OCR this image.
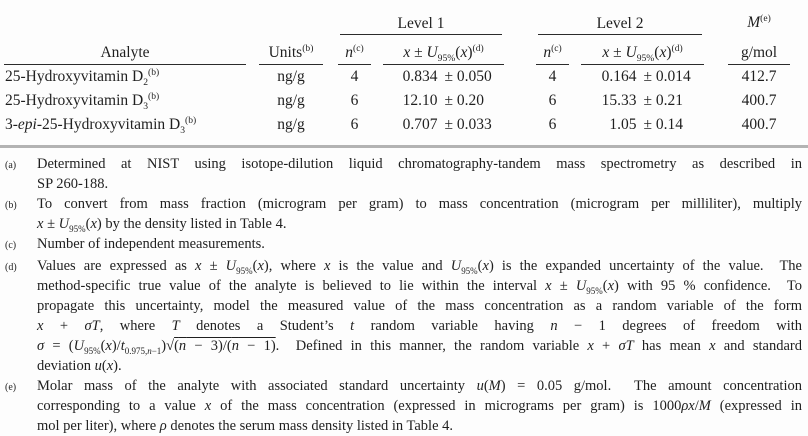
		Level 1			Level 2		$M^{(e)}$

Analyte	Units$^{(b)}$	$n^{(c)}$	$x \pm U_{95\%}(x)^{(d)}$		$n^{(c)}$	$x \pm U_{95\%}(x)^{(d)}$	g/mol

25-Hydroxyvitamin $D_2^{(b)}$	ng/g	4	0.834 ± 0.050		4	0.164 ± 0.014	412.7
25-Hydroxyvitamin $D_3^{(b)}$	ng/g	6	12.10 ± 0.20		6	15.33 ± 0.21	400.7
3-epi-25-Hydroxyvitamin $D_3^{(b)}$	ng/g	6	0.707 ± 0.033		6	1.05 ± 0.14	400.7
(a)	Determined at NIST using isotope-dilution liquid chromatography-tandem mass spectrometry as described in
SP 260-188.
(b)	To convert from mass fraction (microgram per gram) to mass concentration (microgram per milliliter), multiply
$x \pm U_{95\%}(x)$ by the density listed in Table 4.
(c)	Number of independent measurements.
(d)	Values are expressed as $x \pm U_{95\%}(x)$, where x is the value and $U_{95\%}(x)$ is the expanded uncertainty of the value.  The
method-specific true value of the analyte is believed to lie within the interval $x \pm U_{95\%}(x)$ with 95 % confidence.  To
propagate this uncertainty, model the measured value of the mass concentration as a random variable of the form
x + σT, where T denotes a Student’s t random variable having n − 1 degrees of freedom with
$\sigma = (U_{95\%}(x)/t_{0.975,n-1})√(n - 3)/(n - 1)$.  Defined in this manner, the random variable x + σT has mean x and standard
deviation u(x).
(e)	Molar mass of the analyte with associated standard uncertainty u(M) = 0.05 g/mol.  The amount concentration
corresponding to a value x of the mass concentration (expressed in micrograms per gram) is 1000ρx/M (expressed in
mol per liter), where ρ denotes the serum mass density listed in Table 4.
